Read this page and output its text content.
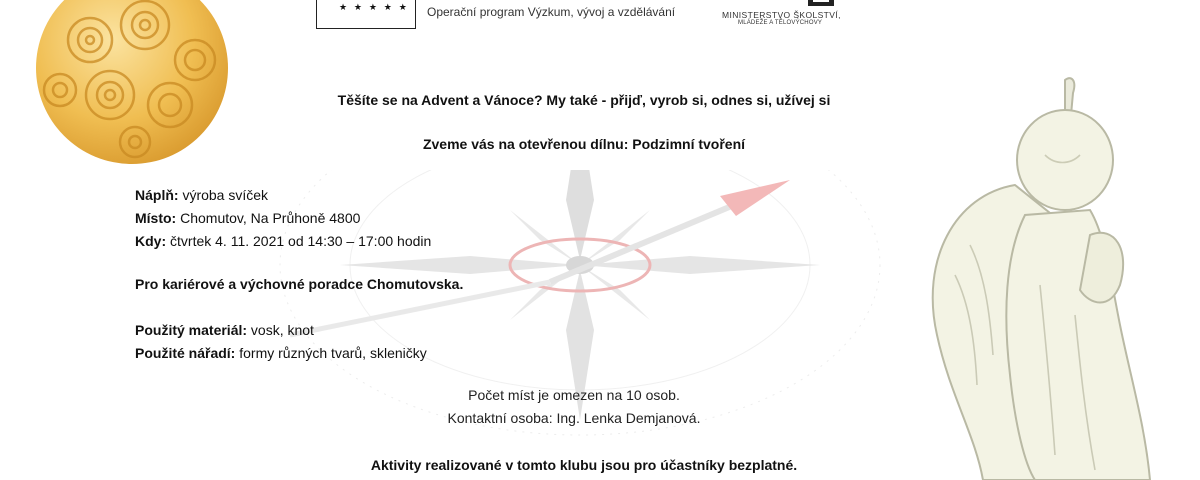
★ ★ ★ ★ ★ Operační program Výzkum, vývoj a vzdělávání	MINISTERSTVO ŠKOLSTVÍ,
MLÁDEŽE A TĚLOVÝCHOVY
Těšíte se na Advent a Vánoce? My také - přijď, vyrob si, odnes si, užívej si
Zveme vás na otevřenou dílnu: Podzimní tvoření
Náplň: výroba svíček
Místo: Chomutov, Na Průhoně 4800
Kdy: čtvrtek 4. 11. 2021 od 14:30 – 17:00 hodin
Pro kariérové a výchovné poradce Chomutovska.
Použitý materiál: vosk, knot
Použité nářadí: formy různých tvarů, skleničky
Počet míst je omezen na 10 osob.
Kontaktní osoba: Ing. Lenka Demjanová.
Aktivity realizované v tomto klubu jsou pro účastníky bezplatné.
